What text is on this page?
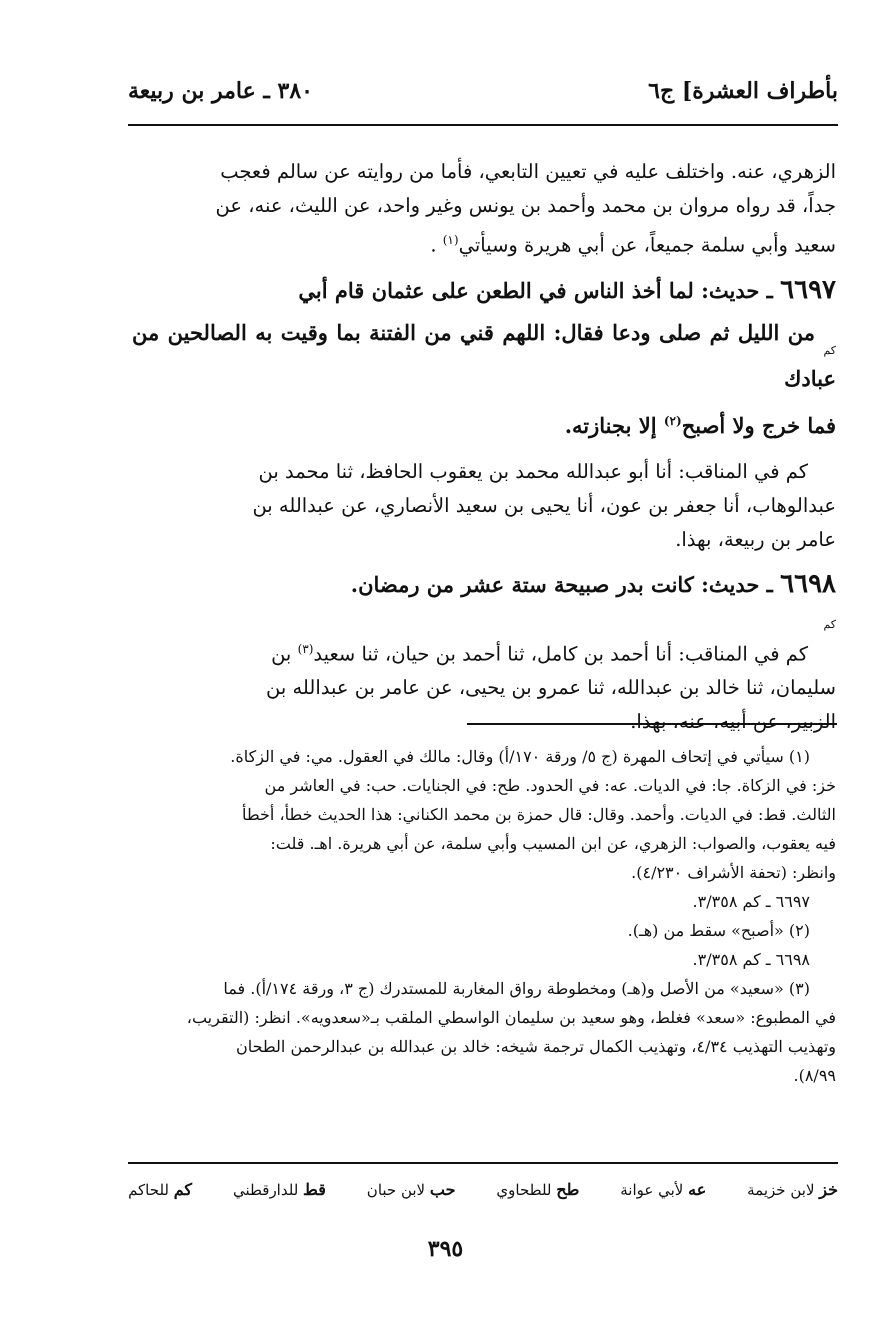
بأطراف العشرة] ج٦
٣٨٠ ـ عامر بن ربيعة

الزهري، عنه. واختلف عليه في تعيين التابعي، فأما من روايته عن سالم فعجب
جداً، قد رواه مروان بن محمد وأحمد بن يونس وغير واحد، عن الليث، عنه، عن
سعيد وأبي سلمة جميعاً، عن أبي هريرة وسيأتي$^{(١)}$ .

٦٦٩٧ ـ حديث: لما أخذ الناس في الطعن على عثمان قام أبي
كم من الليل ثم صلى ودعا فقال: اللهم قني من الفتنة بما وقيت به الصالحين من عبادك
فما خرج ولا أصبح$^{(٢)}$ إلا بجنازته.

كم في المناقب: أنا أبو عبدالله محمد بن يعقوب الحافظ، ثنا محمد بن
عبدالوهاب، أنا جعفر بن عون، أنا يحيى بن سعيد الأنصاري، عن عبدالله بن
عامر بن ربيعة، بهذا.

٦٦٩٨ ـ حديث: كانت بدر صبيحة ستة عشر من رمضان.
كم

كم في المناقب: أنا أحمد بن كامل، ثنا أحمد بن حيان، ثنا سعيد$^{(٣)}$ بن
سليمان، ثنا خالد بن عبدالله، ثنا عمرو بن يحيى، عن عامر بن عبدالله بن
الزبير، عن أبيه، عنه، بهذا.

(١) سيأتي في إتحاف المهرة (ج ٥/ ورقة ١٧٠/أ) وقال: مالك في العقول. مي: في الزكاة.
خز: في الزكاة. جا: في الديات. عه: في الحدود. طح: في الجنايات. حب: في العاشر من
الثالث. قط: في الديات. وأحمد. وقال: قال حمزة بن محمد الكناني: هذا الحديث خطأ، أخطأ
فيه يعقوب، والصواب: الزهري، عن ابن المسيب وأبي سلمة، عن أبي هريرة. اهـ. قلت:
وانظر: (تحفة الأشراف ٤/٢٣٠).

٦٦٩٧ ـ كم ٣/٣٥٨.

(٢) «أصبح» سقط من (هـ).

٦٦٩٨ ـ كم ٣/٣٥٨.

(٣) «سعيد» من الأصل و(هـ) ومخطوطة رواق المغاربة للمستدرك (ج ٣، ورقة ١٧٤/أ). فما
في المطبوع: «سعد» فغلط، وهو سعيد بن سليمان الواسطي الملقب بـ«سعدويه». انظر: (التقريب،
وتهذيب التهذيب ٤/٣٤، وتهذيب الكمال ترجمة شيخه: خالد بن عبدالله بن عبدالرحمن الطحان
٨/٩٩).

خز لابن خزيمة
عه لأبي عوانة
طح للطحاوي
حب لابن حبان
قط للدارقطني
كم للحاكم
٣٩٥
